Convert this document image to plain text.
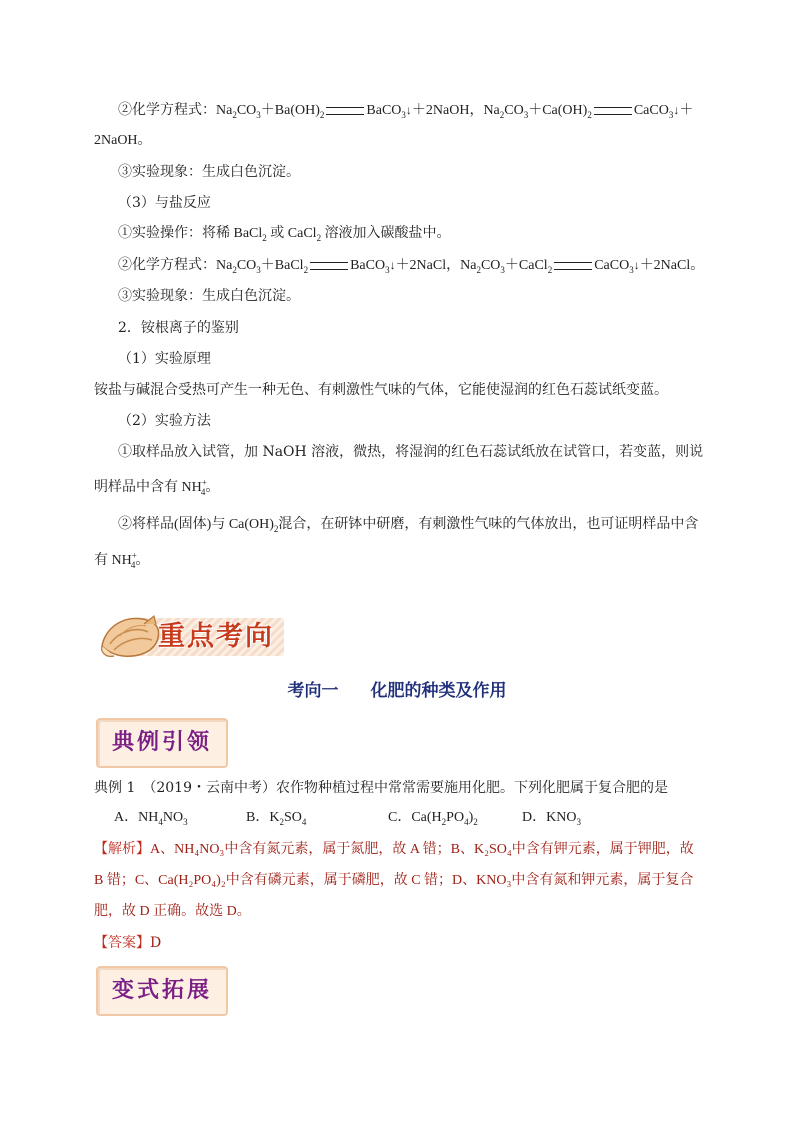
②化学方程式：$Na_2CO_3+Ba(OH)_2$	BaCO$_3$↓＋2NaOH，$Na_2CO_3+Ca(OH)_2$	CaCO$_3$↓＋
2NaOH。
③实验现象：生成白色沉淀。
（3）与盐反应
①实验操作：将稀 BaCl$_2$ 或 CaCl$_2$ 溶液加入碳酸盐中。
②化学方程式：$Na_2CO_3+BaCl_2$	BaCO$_3$↓＋2NaCl，$Na_2CO_3+CaCl_2$	CaCO$_3$↓＋2NaCl。
③实验现象：生成白色沉淀。
2．铵根离子的鉴别
（1）实验原理
铵盐与碱混合受热可产生一种无色、有刺激性气味的气体，它能使湿润的红色石蕊试纸变蓝。
（2）实验方法
①取样品放入试管，加 NaOH 溶液，微热，将湿润的红色石蕊试纸放在试管口，若变蓝，则说
明样品中含有 $NH^+_4$。
②将样品(固体)与 $Ca(OH)_2$混合，在研钵中研磨，有刺激性气味的气体放出，也可证明样品中含
有 $NH^+_4$。
重点考向
考向一 化肥的种类及作用
典例引领
典例 1　（2019・云南中考）农作物种植过程中常常需要施用化肥。下列化肥属于复合肥的是
A．$NH_4NO_3$	B．$K_2SO_4$	C．$Ca(H_2PO_4)_2$	D．$KNO_3$
【解析】A、NH₄NO₃中含有氮元素，属于氮肥，故 A 错；B、K₂SO₄中含有钾元素，属于钾肥，故
B 错；C、Ca(H₂PO₄)₂中含有磷元素，属于磷肥，故 C 错；D、KNO₃中含有氮和钾元素，属于复合
肥，故 D 正确。故选 D。
【答案】D
变式拓展
